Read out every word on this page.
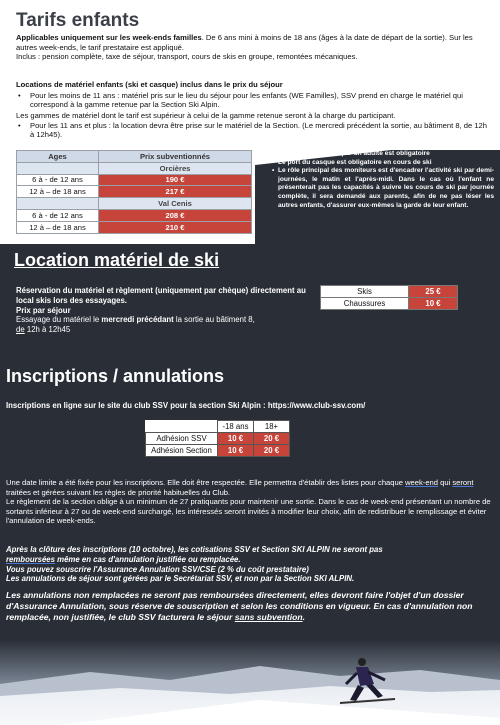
Tarifs enfants
Applicables uniquement sur les week-ends familles. De 6 ans mini à moins de 18 ans (âges à la date de départ de la sortie). Sur les autres week-ends, le tarif prestataire est appliqué.
Inclus : pension complète, taxe de séjour, transport, cours de skis en groupe, remontées mécaniques.
Locations de matériel enfants (ski et casque) inclus dans le prix du séjour
• Pour les moins de 11 ans : matériel pris sur le lieu du séjour pour les enfants (WE Familles), SSV prend en charge le matériel qui correspond à la gamme retenue par la Section Ski Alpin.
Les gammes de matériel dont le tarif est supérieur à celui de la gamme retenue seront à la charge du participant.
• Pour les 11 ans et plus : la location devra être prise sur le matériel de la Section. (Le mercredi précédent la sortie, au bâtiment 8, de 12h à 12h45).
Ages	Prix subventionnés
	Orcières
6 à - de 12 ans	190 €
12 à – de 18 ans	217 €
	Val Cenis
6 à - de 12 ans	208 €
12 à – de 18 ans	210 €
• L'accompagnement par un adulte est obligatoire
• Le port du casque est obligatoire en cours de ski
• Le rôle principal des moniteurs est d'encadrer l'activité ski par demi-journées, le matin et l'après-midi. Dans le cas où l'enfant ne présenterait pas les capacités à suivre les cours de ski par journée complète, il sera demandé aux parents, afin de ne pas léser les autres enfants, d'assurer eux-mêmes la garde de leur enfant.
Location matériel de ski
Réservation du matériel et règlement (uniquement par chèque) directement au local skis lors des essayages.
Prix par séjour
Essayage du matériel le mercredi précédant la sortie au bâtiment 8,
de 12h à 12h45
Skis	25 €
Chaussures	10 €
Inscriptions / annulations
Inscriptions en ligne sur le site du club SSV pour la section Ski Alpin : https://www.club-ssv.com/
	-18 ans	18+
Adhésion SSV	10 €	20 €
Adhésion Section	10 €	20 €
Une date limite a été fixée pour les inscriptions. Elle doit être respectée. Elle permettra d'établir des listes pour chaque week-end qui seront traitées et gérées suivant les règles de priorité habituelles du Club.
Le règlement de la section oblige à un minimum de 27 pratiquants pour maintenir une sortie. Dans le cas de week-end présentant un nombre de sortants inférieur à 27 ou de week-end surchargé, les intéressés seront invités à modifier leur choix, afin de redistribuer le remplissage et éviter l'annulation de week-ends.
Après la clôture des inscriptions (10 octobre), les cotisations SSV et Section SKI ALPIN ne seront pas
remboursées même en cas d'annulation justifiée ou remplacée.
Vous pouvez souscrire l'Assurance Annulation SSV/CSE (2 % du coût prestataire)
Les annulations de séjour sont gérées par le Secrétariat SSV, et non par la Section SKI ALPIN.
Les annulations non remplacées ne seront pas remboursées directement, elles devront faire l'objet d'un dossier d'Assurance Annulation, sous réserve de souscription et selon les conditions en vigueur. En cas d'annulation non remplacée, non justifiée, le club SSV facturera le séjour sans subvention.
